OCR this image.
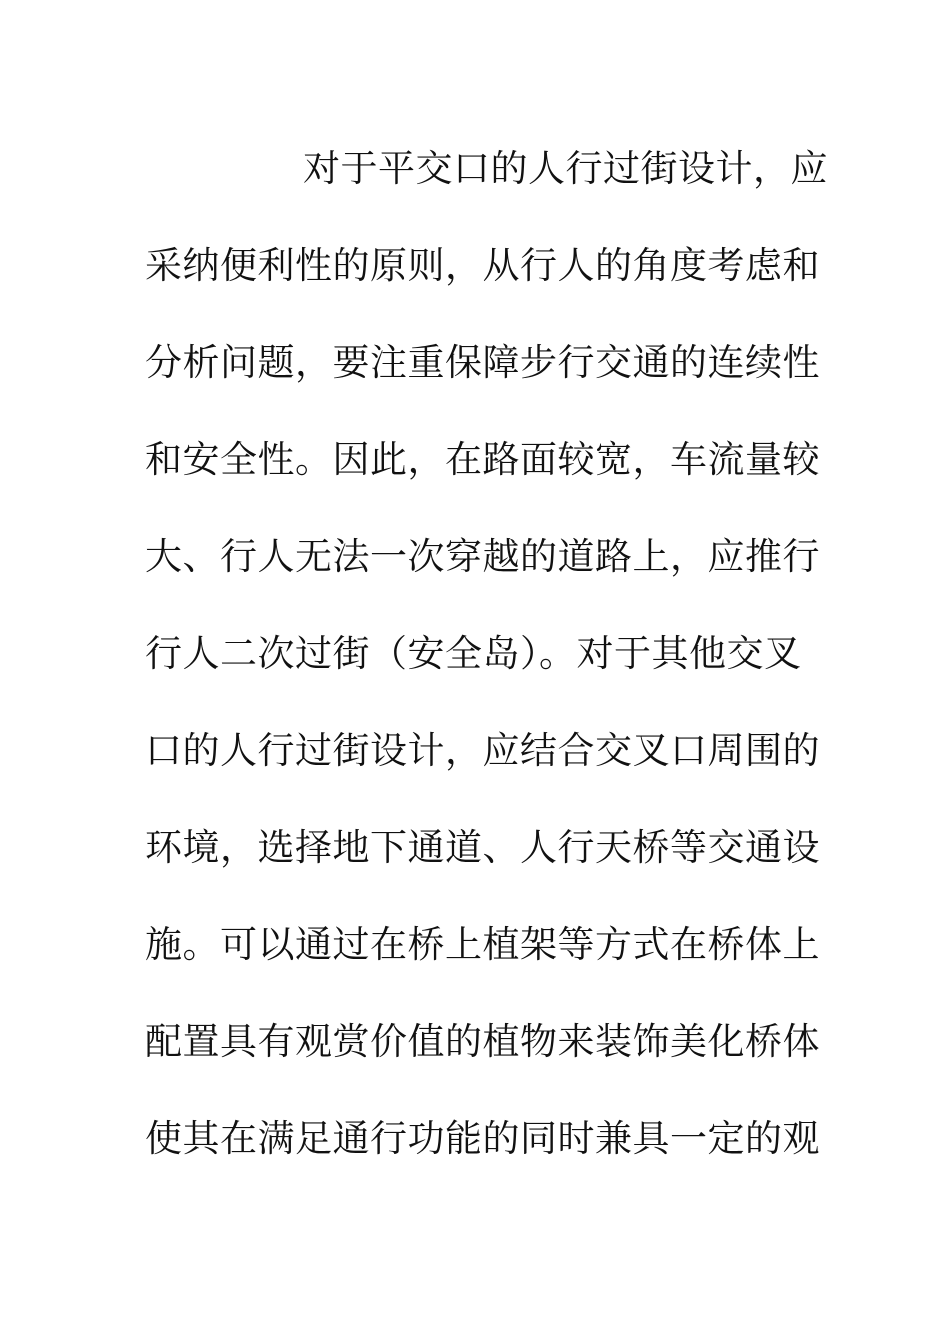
对于平交口的人行过街设计，应
采纳便利性的原则，从行人的角度考虑和
分析问题，要注重保障步行交通的连续性
和安全性。因此，在路面较宽，车流量较
大、行人无法一次穿越的道路上，应推行
行人二次过街（安全岛）。对于其他交叉
口的人行过街设计，应结合交叉口周围的
环境，选择地下通道、人行天桥等交通设
施。可以通过在桥上植架等方式在桥体上
配置具有观赏价值的植物来装饰美化桥体
使其在满足通行功能的同时兼具一定的观
